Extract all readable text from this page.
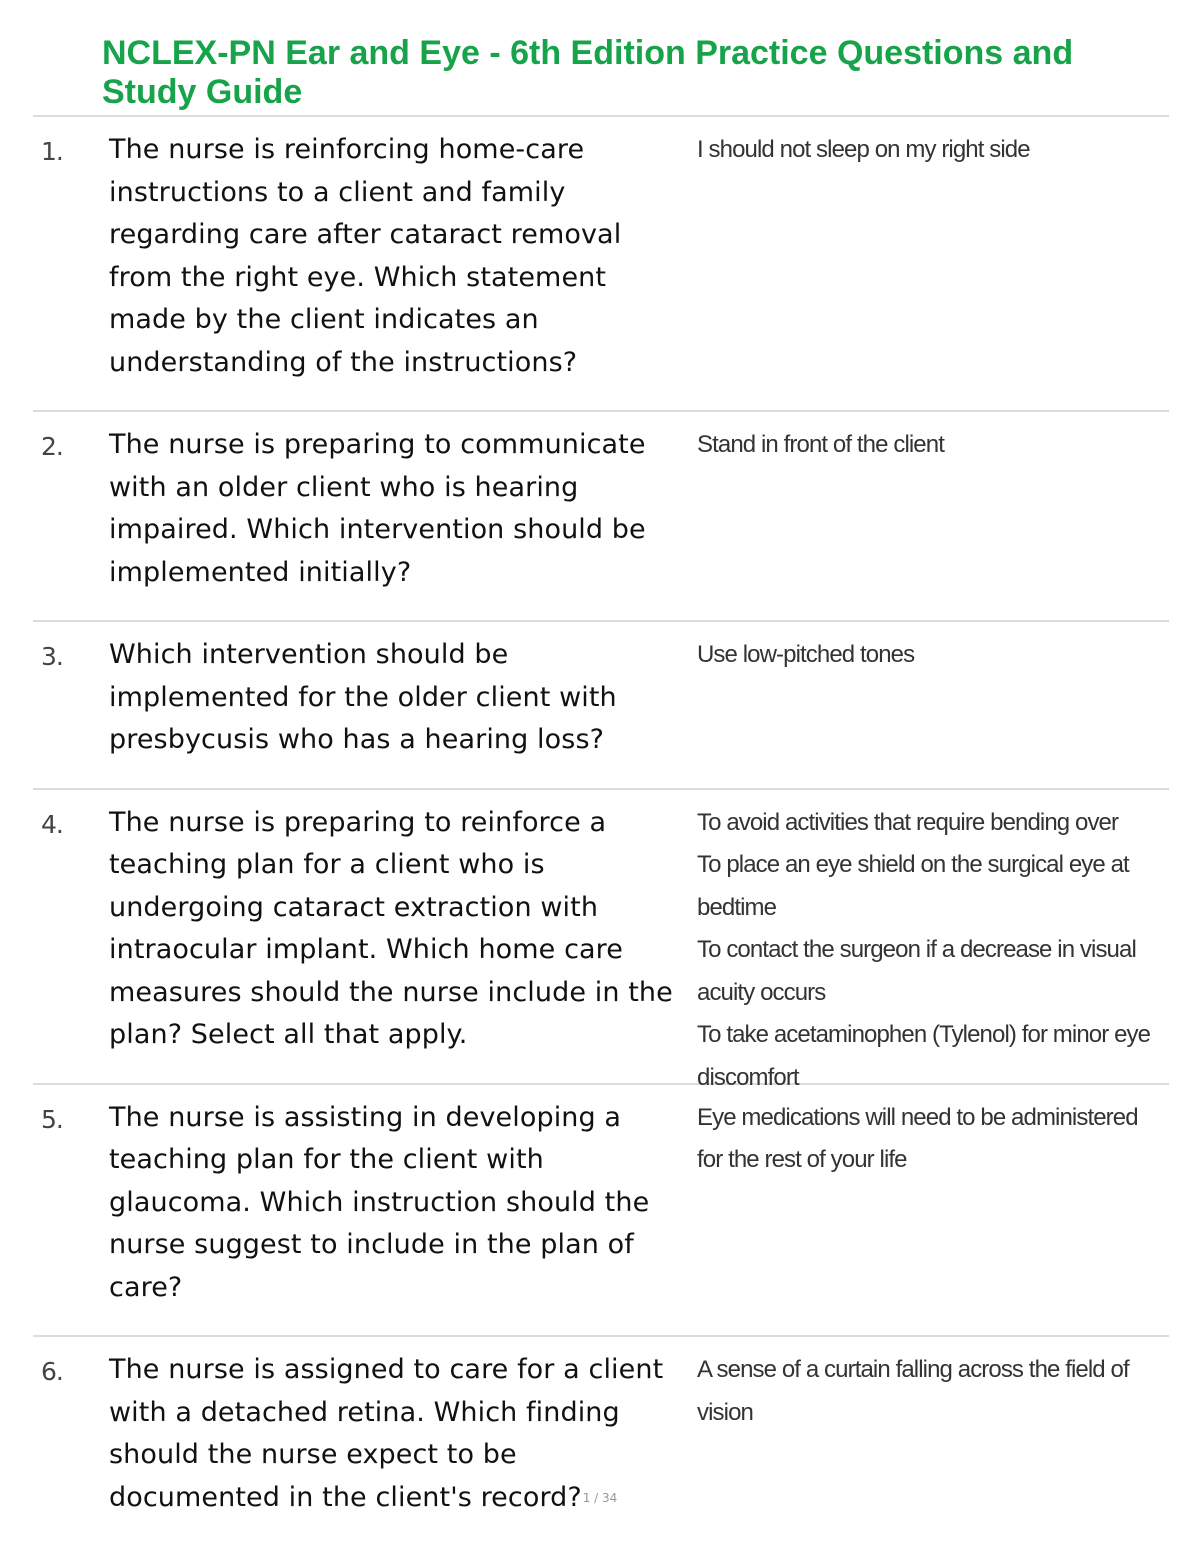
NCLEX-PN Ear and Eye - 6th Edition Practice Questions and Study Guide
1. The nurse is reinforcing home-care instructions to a client and family regarding care after cataract removal from the right eye. Which statement made by the client indicates an understanding of the instructions?
I should not sleep on my right side
2. The nurse is preparing to communicate with an older client who is hearing impaired. Which intervention should be implemented initially?
Stand in front of the client
3. Which intervention should be implemented for the older client with presbycusis who has a hearing loss?
Use low-pitched tones
4. The nurse is preparing to reinforce a teaching plan for a client who is undergoing cataract extraction with intraocular implant. Which home care measures should the nurse include in the plan? Select all that apply.
To avoid activities that require bending over
To place an eye shield on the surgical eye at bedtime
To contact the surgeon if a decrease in visual acuity occurs
To take acetaminophen (Tylenol) for minor eye discomfort
5. The nurse is assisting in developing a teaching plan for the client with glaucoma. Which instruction should the nurse suggest to include in the plan of care?
Eye medications will need to be administered for the rest of your life
6. The nurse is assigned to care for a client with a detached retina. Which finding should the nurse expect to be documented in the client's record?
A sense of a curtain falling across the field of vision
1 / 34
